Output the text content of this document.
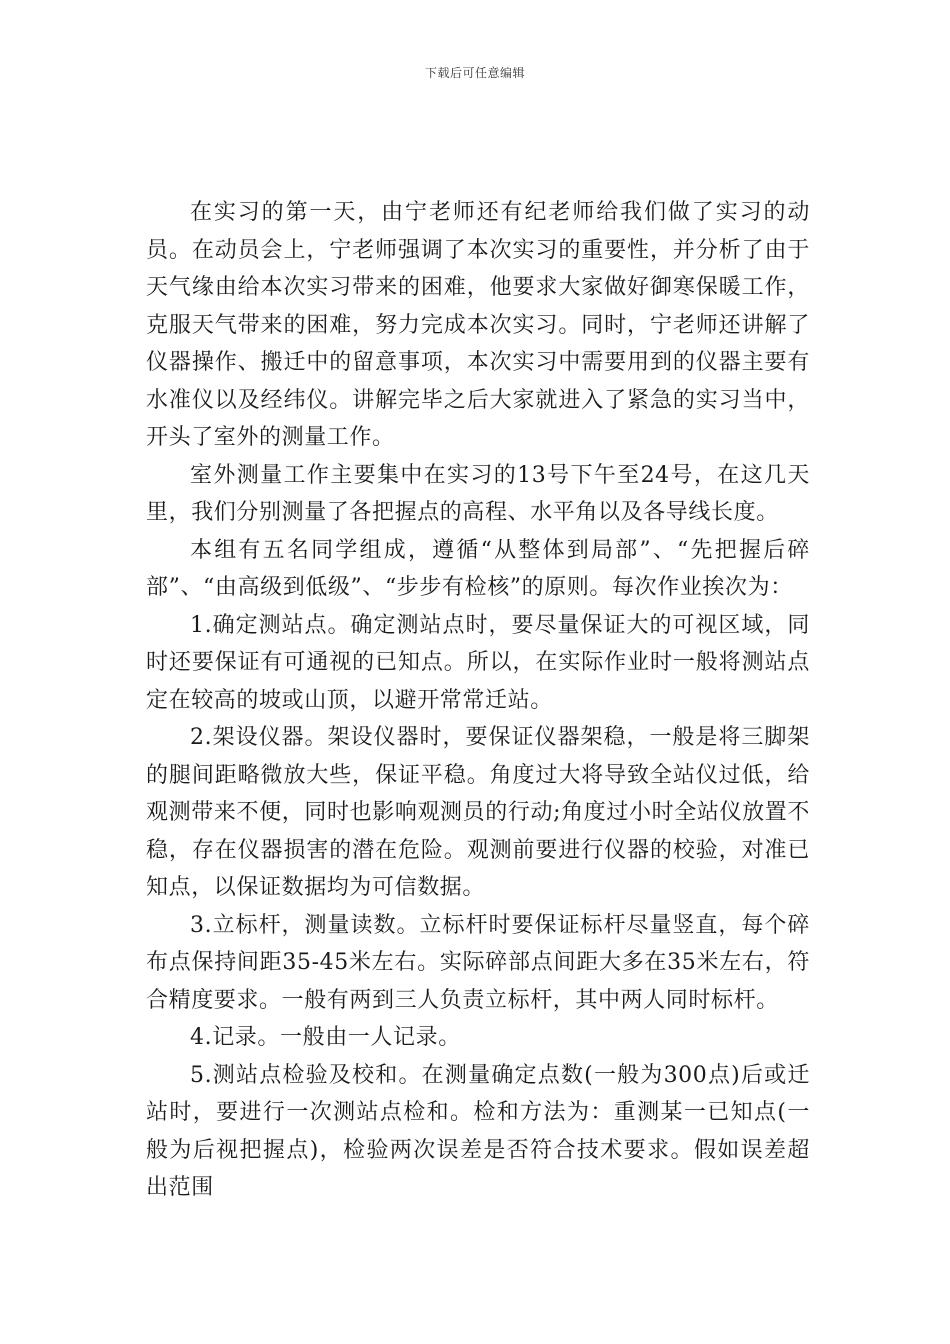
下载后可任意编辑

在实习的第一天，由宁老师还有纪老师给我们做了实习的动员。在动员会上，宁老师强调了本次实习的重要性，并分析了由于天气缘由给本次实习带来的困难，他要求大家做好御寒保暖工作，克服天气带来的困难，努力完成本次实习。同时，宁老师还讲解了仪器操作、搬迁中的留意事项，本次实习中需要用到的仪器主要有水准仪以及经纬仪。讲解完毕之后大家就进入了紧急的实习当中，开头了室外的测量工作。

室外测量工作主要集中在实习的13号下午至24号，在这几天里，我们分别测量了各把握点的高程、水平角以及各导线长度。

本组有五名同学组成，遵循“从整体到局部”、“先把握后碎部”、“由高级到低级”、“步步有检核”的原则。每次作业挨次为：

1.确定测站点。确定测站点时，要尽量保证大的可视区域，同时还要保证有可通视的已知点。所以，在实际作业时一般将测站点定在较高的坡或山顶，以避开常常迁站。

2.架设仪器。架设仪器时，要保证仪器架稳，一般是将三脚架的腿间距略微放大些，保证平稳。角度过大将导致全站仪过低，给观测带来不便，同时也影响观测员的行动;角度过小时全站仪放置不稳，存在仪器损害的潜在危险。观测前要进行仪器的校验，对准已知点，以保证数据均为可信数据。

3.立标杆，测量读数。立标杆时要保证标杆尽量竖直，每个碎布点保持间距35-45米左右。实际碎部点间距大多在35米左右，符合精度要求。一般有两到三人负责立标杆，其中两人同时标杆。

4.记录。一般由一人记录。

5.测站点检验及校和。在测量确定点数(一般为300点)后或迁站时，要进行一次测站点检和。检和方法为：重测某一已知点(一般为后视把握点)，检验两次误差是否符合技术要求。假如误差超出范围
